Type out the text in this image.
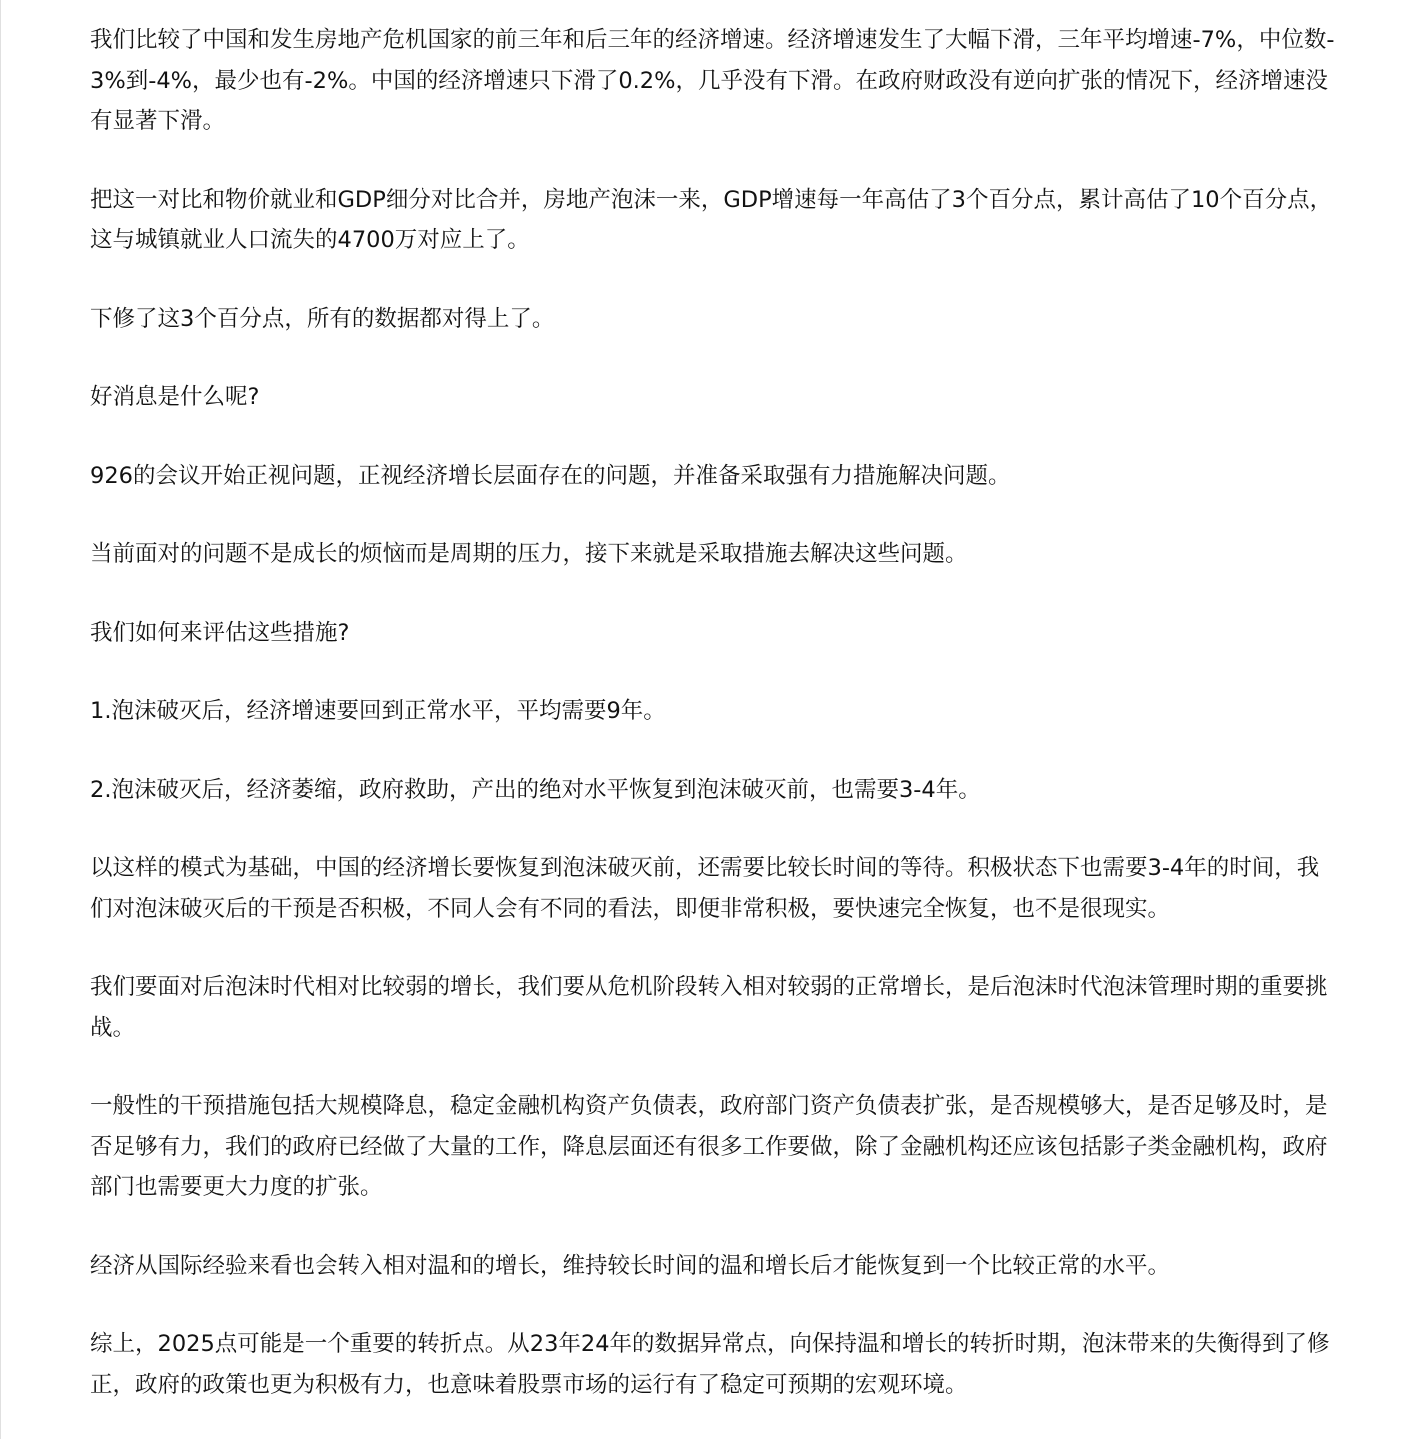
我们比较了中国和发生房地产危机国家的前三年和后三年的经济增速。经济增速发生了大幅下滑，三年平均增速-7%，中位数-3%到-4%，最少也有-2%。中国的经济增速只下滑了0.2%，几乎没有下滑。在政府财政没有逆向扩张的情况下，经济增速没有显著下滑。

把这一对比和物价就业和GDP细分对比合并，房地产泡沫一来，GDP增速每一年高估了3个百分点，累计高估了10个百分点，这与城镇就业人口流失的4700万对应上了。

下修了这3个百分点，所有的数据都对得上了。

好消息是什么呢?

926的会议开始正视问题，正视经济增长层面存在的问题，并准备采取强有力措施解决问题。

当前面对的问题不是成长的烦恼而是周期的压力，接下来就是采取措施去解决这些问题。

我们如何来评估这些措施?

1.泡沫破灭后，经济增速要回到正常水平，平均需要9年。

2.泡沫破灭后，经济萎缩，政府救助，产出的绝对水平恢复到泡沫破灭前，也需要3-4年。

以这样的模式为基础，中国的经济增长要恢复到泡沫破灭前，还需要比较长时间的等待。积极状态下也需要3-4年的时间，我们对泡沫破灭后的干预是否积极，不同人会有不同的看法，即便非常积极，要快速完全恢复，也不是很现实。

我们要面对后泡沫时代相对比较弱的增长，我们要从危机阶段转入相对较弱的正常增长，是后泡沫时代泡沫管理时期的重要挑战。

一般性的干预措施包括大规模降息，稳定金融机构资产负债表，政府部门资产负债表扩张，是否规模够大，是否足够及时，是否足够有力，我们的政府已经做了大量的工作，降息层面还有很多工作要做，除了金融机构还应该包括影子类金融机构，政府部门也需要更大力度的扩张。

经济从国际经验来看也会转入相对温和的增长，维持较长时间的温和增长后才能恢复到一个比较正常的水平。

综上，2025点可能是一个重要的转折点。从23年24年的数据异常点，向保持温和增长的转折时期，泡沫带来的失衡得到了修正，政府的政策也更为积极有力，也意味着股票市场的运行有了稳定可预期的宏观环境。
